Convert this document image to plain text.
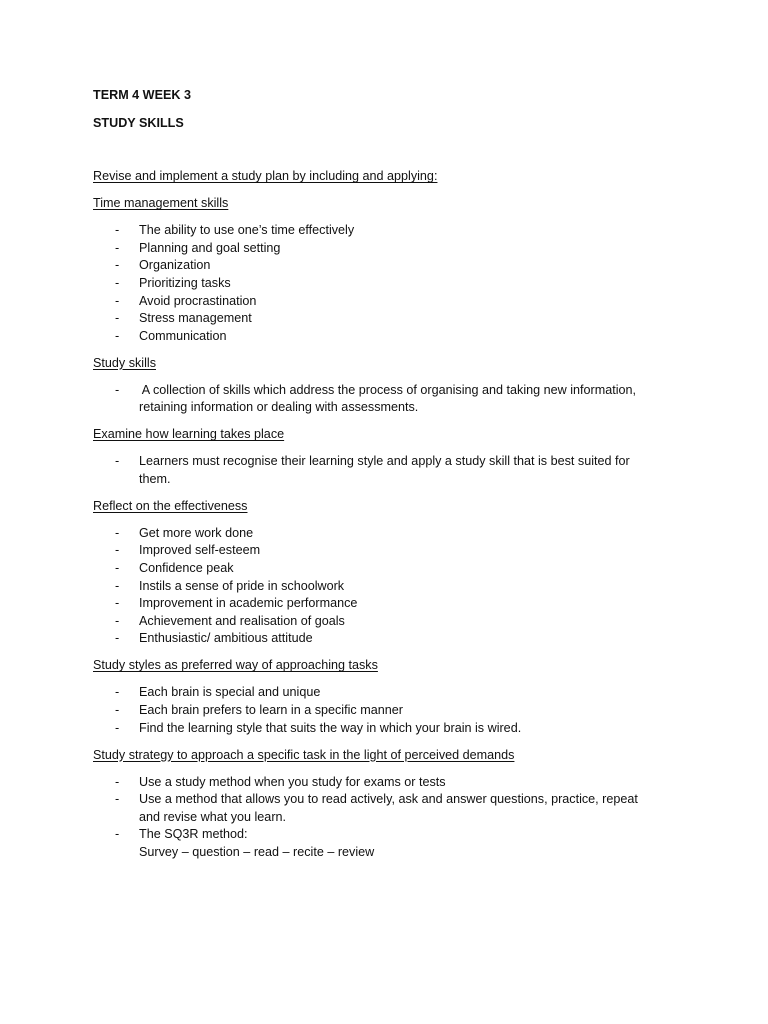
TERM 4 WEEK 3
STUDY SKILLS
Revise and implement a study plan by including and applying:
Time management skills
- The ability to use one’s time effectively
- Planning and goal setting
- Organization
- Prioritizing tasks
- Avoid procrastination
- Stress management
- Communication
Study skills
- A collection of skills which address the process of organising and taking new information,
retaining information or dealing with assessments.
Examine how learning takes place
- Learners must recognise their learning style and apply a study skill that is best suited for
them.
Reflect on the effectiveness
- Get more work done
- Improved self-esteem
- Confidence peak
- Instils a sense of pride in schoolwork
- Improvement in academic performance
- Achievement and realisation of goals
- Enthusiastic/ ambitious attitude
Study styles as preferred way of approaching tasks
- Each brain is special and unique
- Each brain prefers to learn in a specific manner
- Find the learning style that suits the way in which your brain is wired.
Study strategy to approach a specific task in the light of perceived demands
- Use a study method when you study for exams or tests
- Use a method that allows you to read actively, ask and answer questions, practice, repeat
and revise what you learn.
- The SQ3R method:
Survey – question – read – recite – review
